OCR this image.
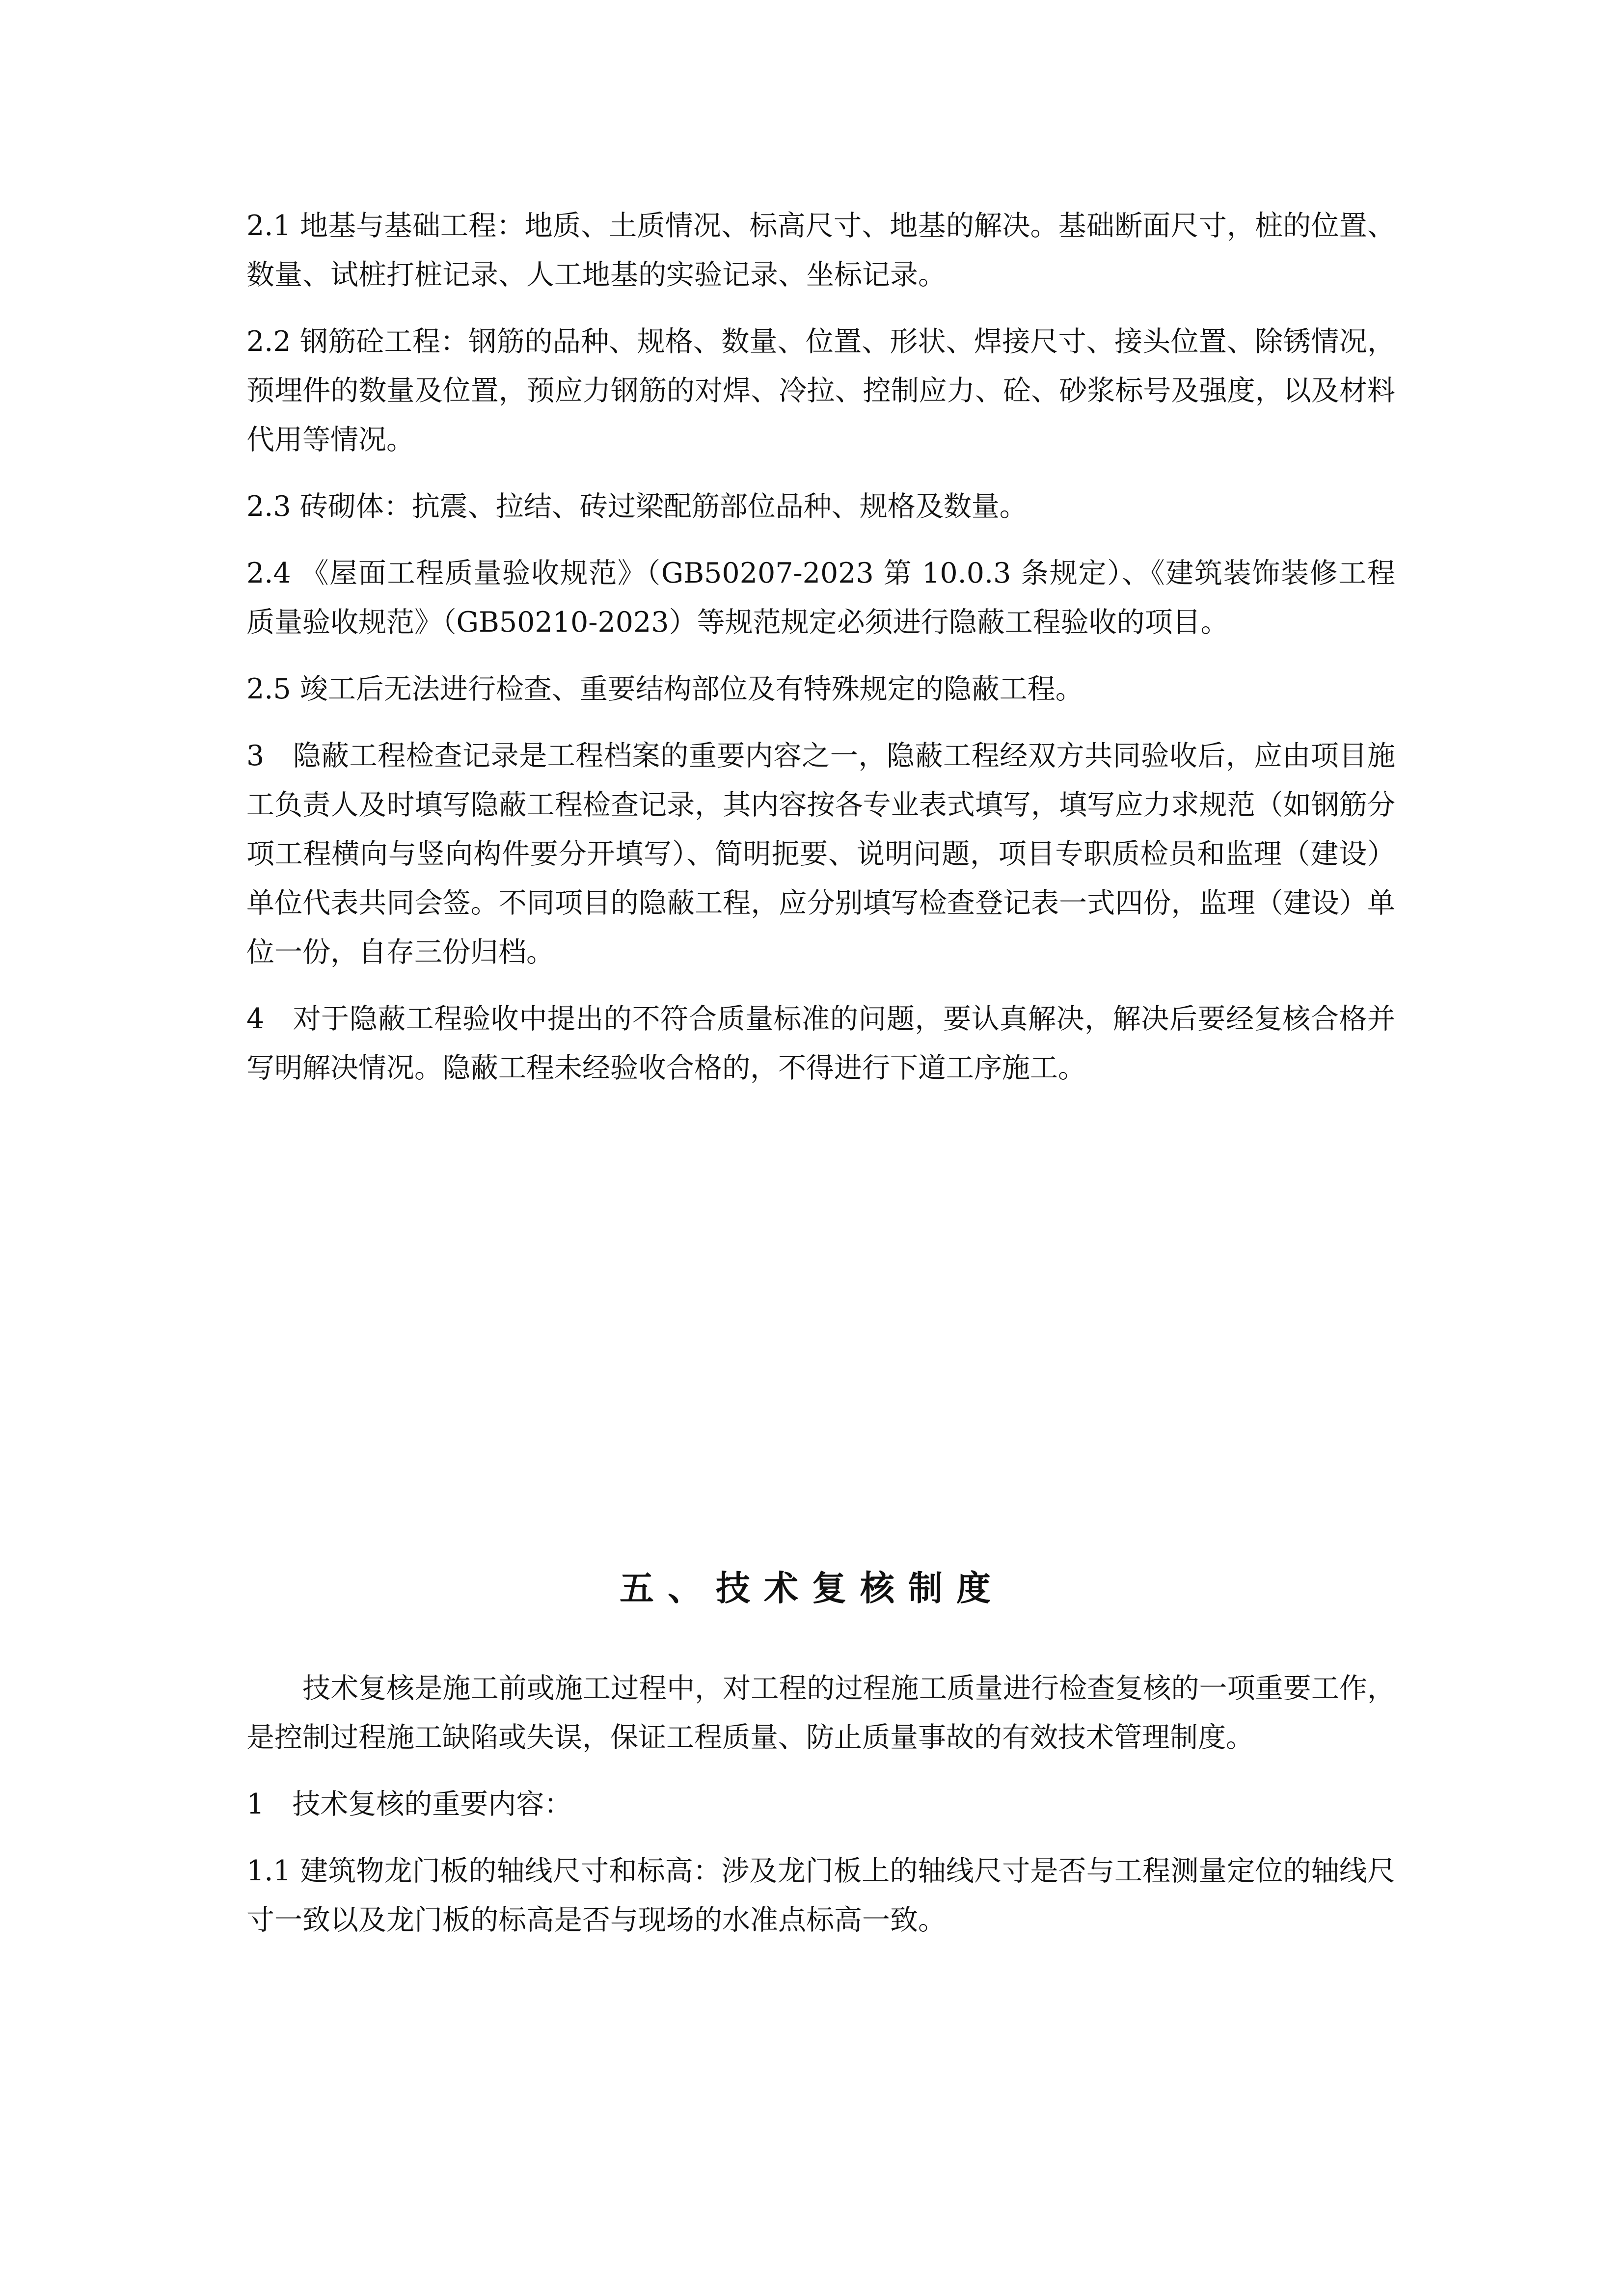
2.1 地基与基础工程：地质、土质情况、标高尺寸、地基的解决。基础断面尺寸，桩的位置、数量、试桩打桩记录、人工地基的实验记录、坐标记录。

2.2 钢筋砼工程：钢筋的品种、规格、数量、位置、形状、焊接尺寸、接头位置、除锈情况，预埋件的数量及位置，预应力钢筋的对焊、冷拉、控制应力、砼、砂浆标号及强度，以及材料代用等情况。

2.3 砖砌体：抗震、拉结、砖过梁配筋部位品种、规格及数量。

2.4 《屋面工程质量验收规范》（GB50207-2023 第 10.0.3 条规定）、《建筑装饰装修工程质量验收规范》（GB50210-2023）等规范规定必须进行隐蔽工程验收的项目。

2.5 竣工后无法进行检查、重要结构部位及有特殊规定的隐蔽工程。

3　隐蔽工程检查记录是工程档案的重要内容之一，隐蔽工程经双方共同验收后，应由项目施工负责人及时填写隐蔽工程检查记录，其内容按各专业表式填写，填写应力求规范（如钢筋分项工程横向与竖向构件要分开填写）、简明扼要、说明问题，项目专职质检员和监理（建设）单位代表共同会签。不同项目的隐蔽工程，应分别填写检查登记表一式四份，监理（建设）单位一份，自存三份归档。

4　对于隐蔽工程验收中提出的不符合质量标准的问题，要认真解决，解决后要经复核合格并写明解决情况。隐蔽工程未经验收合格的，不得进行下道工序施工。

五、技术复核制度

技术复核是施工前或施工过程中，对工程的过程施工质量进行检查复核的一项重要工作，是控制过程施工缺陷或失误，保证工程质量、防止质量事故的有效技术管理制度。

1　技术复核的重要内容：

1.1 建筑物龙门板的轴线尺寸和标高：涉及龙门板上的轴线尺寸是否与工程测量定位的轴线尺寸一致以及龙门板的标高是否与现场的水准点标高一致。
